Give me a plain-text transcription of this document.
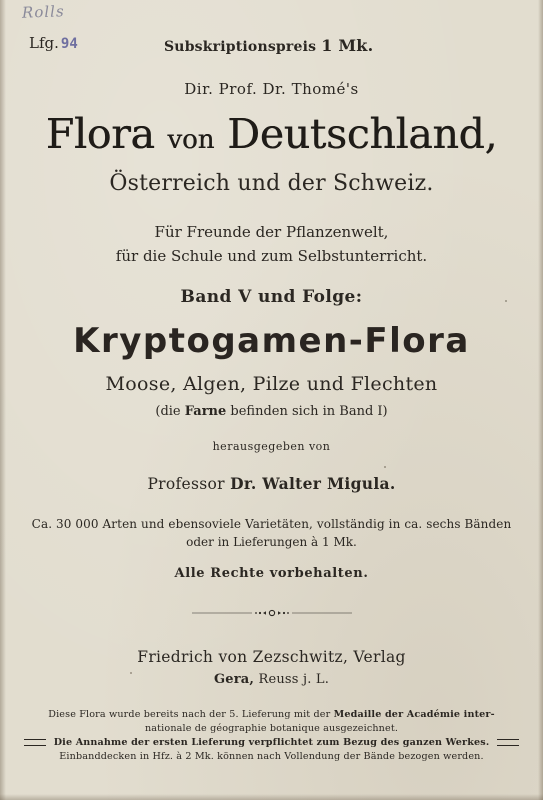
Rolls
Lfg. 94	Subskriptionspreis 1 Mk.
Dir. Prof. Dr. Thomé's
Flora von Deutschland,
Österreich und der Schweiz.
Für Freunde der Pflanzenwelt,
für die Schule und zum Selbstunterricht.
Band V und Folge:
Kryptogamen-Flora
Moose, Algen, Pilze und Flechten
(die Farne befinden sich in Band I)
herausgegeben von
Professor Dr. Walter Migula.
Ca. 30 000 Arten und ebensoviele Varietäten, vollständig in ca. sechs Bänden
oder in Lieferungen à 1 Mk.
Alle Rechte vorbehalten.
Friedrich von Zezschwitz, Verlag
Gera, Reuss j. L.
Diese Flora wurde bereits nach der 5. Lieferung mit der Medaille der Académie inter-
nationale de géographie botanique ausgezeichnet.
Die Annahme der ersten Lieferung verpflichtet zum Bezug des ganzen Werkes.
Einbanddecken in Hfz. à 2 Mk. können nach Vollendung der Bände bezogen werden.
